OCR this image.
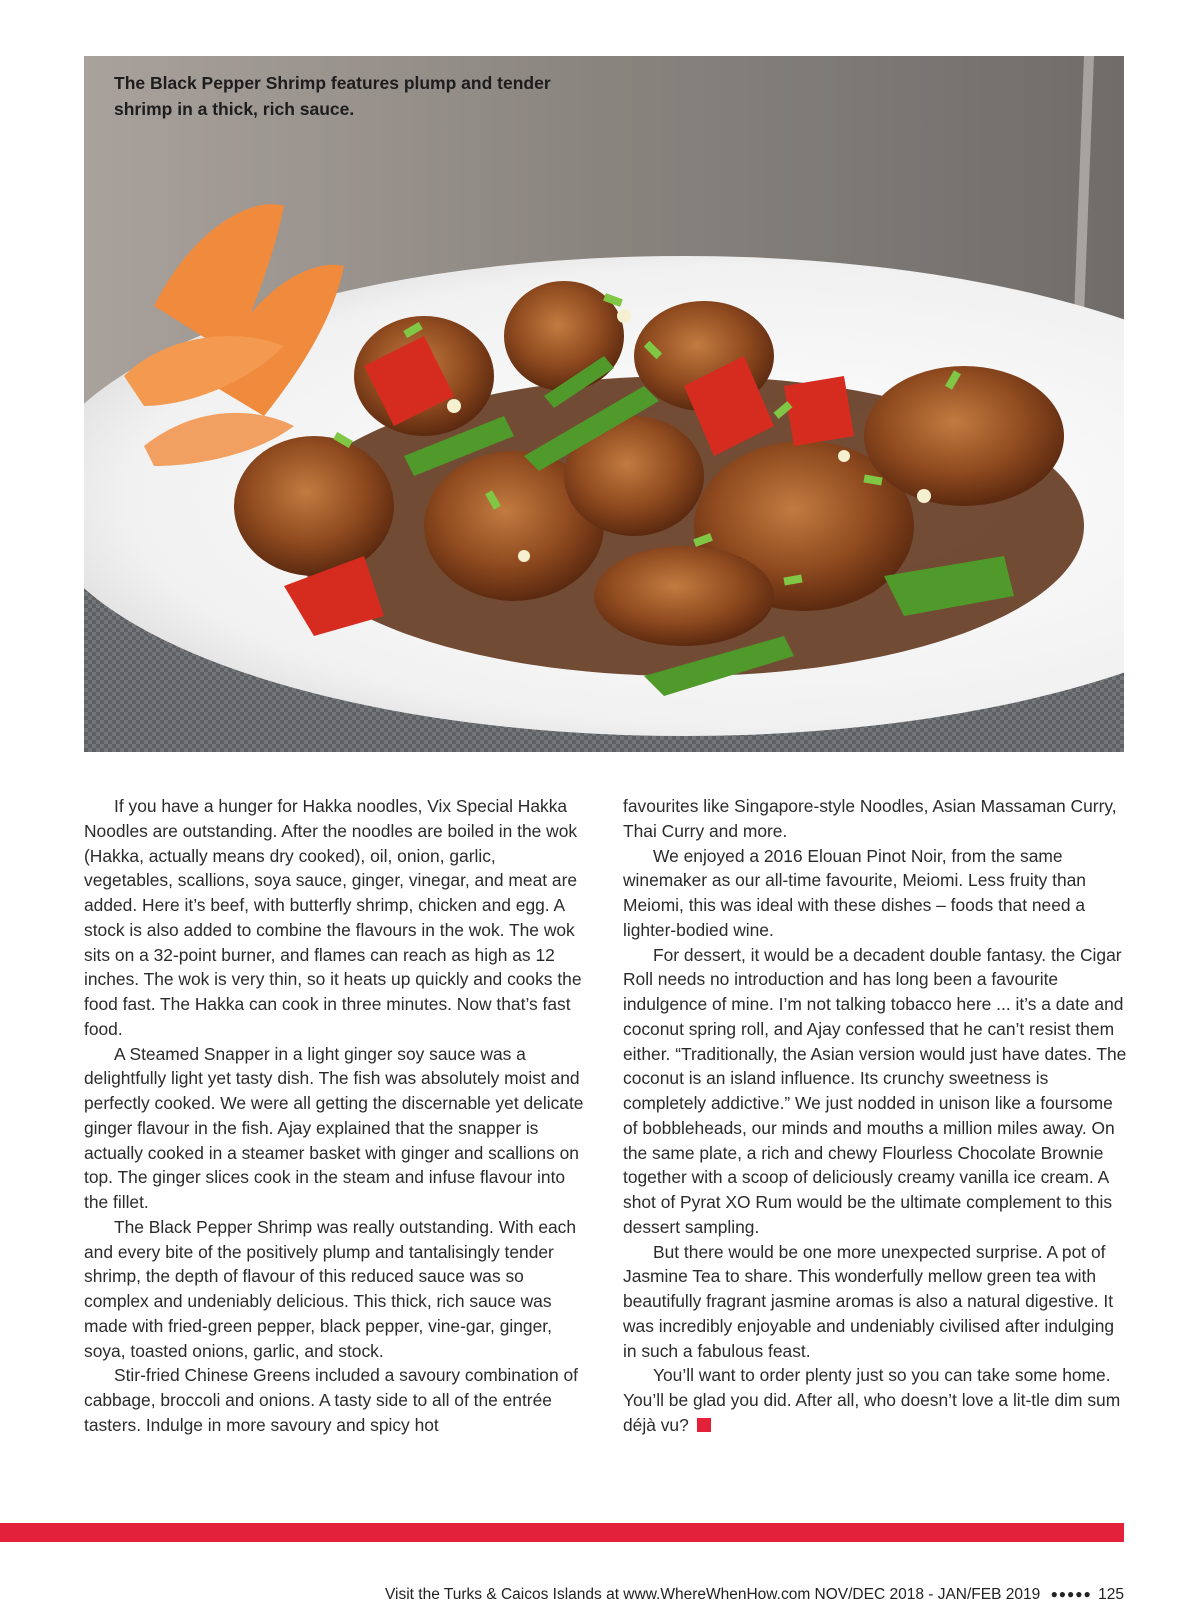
The Black Pepper Shrimp features plump and tender shrimp in a thick, rich sauce.

If you have a hunger for Hakka noodles, Vix Special Hakka Noodles are outstanding. After the noodles are boiled in the wok (Hakka, actually means dry cooked), oil, onion, garlic, vegetables, scallions, soya sauce, ginger, vinegar, and meat are added. Here it’s beef, with butterfly shrimp, chicken and egg. A stock is also added to combine the flavours in the wok. The wok sits on a 32-point burner, and flames can reach as high as 12 inches. The wok is very thin, so it heats up quickly and cooks the food fast. The Hakka can cook in three minutes. Now that’s fast food.

A Steamed Snapper in a light ginger soy sauce was a delightfully light yet tasty dish. The fish was absolutely moist and perfectly cooked. We were all getting the discernable yet delicate ginger flavour in the fish. Ajay explained that the snapper is actually cooked in a steamer basket with ginger and scallions on top. The ginger slices cook in the steam and infuse flavour into the fillet.

The Black Pepper Shrimp was really outstanding. With each and every bite of the positively plump and tantalisingly tender shrimp, the depth of flavour of this reduced sauce was so complex and undeniably delicious. This thick, rich sauce was made with fried-green pepper, black pepper, vine-gar, ginger, soya, toasted onions, garlic, and stock.

Stir-fried Chinese Greens included a savoury combination of cabbage, broccoli and onions. A tasty side to all of the entrée tasters. Indulge in more savoury and spicy hot

favourites like Singapore-style Noodles, Asian Massaman Curry, Thai Curry and more.

We enjoyed a 2016 Elouan Pinot Noir, from the same winemaker as our all-time favourite, Meiomi. Less fruity than Meiomi, this was ideal with these dishes – foods that need a lighter-bodied wine.

For dessert, it would be a decadent double fantasy. the Cigar Roll needs no introduction and has long been a favourite indulgence of mine. I’m not talking tobacco here ... it’s a date and coconut spring roll, and Ajay confessed that he can’t resist them either. “Traditionally, the Asian version would just have dates. The coconut is an island influence. Its crunchy sweetness is completely addictive.” We just nodded in unison like a foursome of bobbleheads, our minds and mouths a million miles away. On the same plate, a rich and chewy Flourless Chocolate Brownie together with a scoop of deliciously creamy vanilla ice cream. A shot of Pyrat XO Rum would be the ultimate complement to this dessert sampling.

But there would be one more unexpected surprise. A pot of Jasmine Tea to share. This wonderfully mellow green tea with beautifully fragrant jasmine aromas is also a natural digestive. It was incredibly enjoyable and undeniably civilised after indulging in such a fabulous feast.

You’ll want to order plenty just so you can take some home. You’ll be glad you did. After all, who doesn’t love a lit-tle dim sum déjà vu?

Visit the Turks & Caicos Islands at www.WhereWhenHow.com NOV/DEC 2018 - JAN/FEB 2019 ●●●●● 125
